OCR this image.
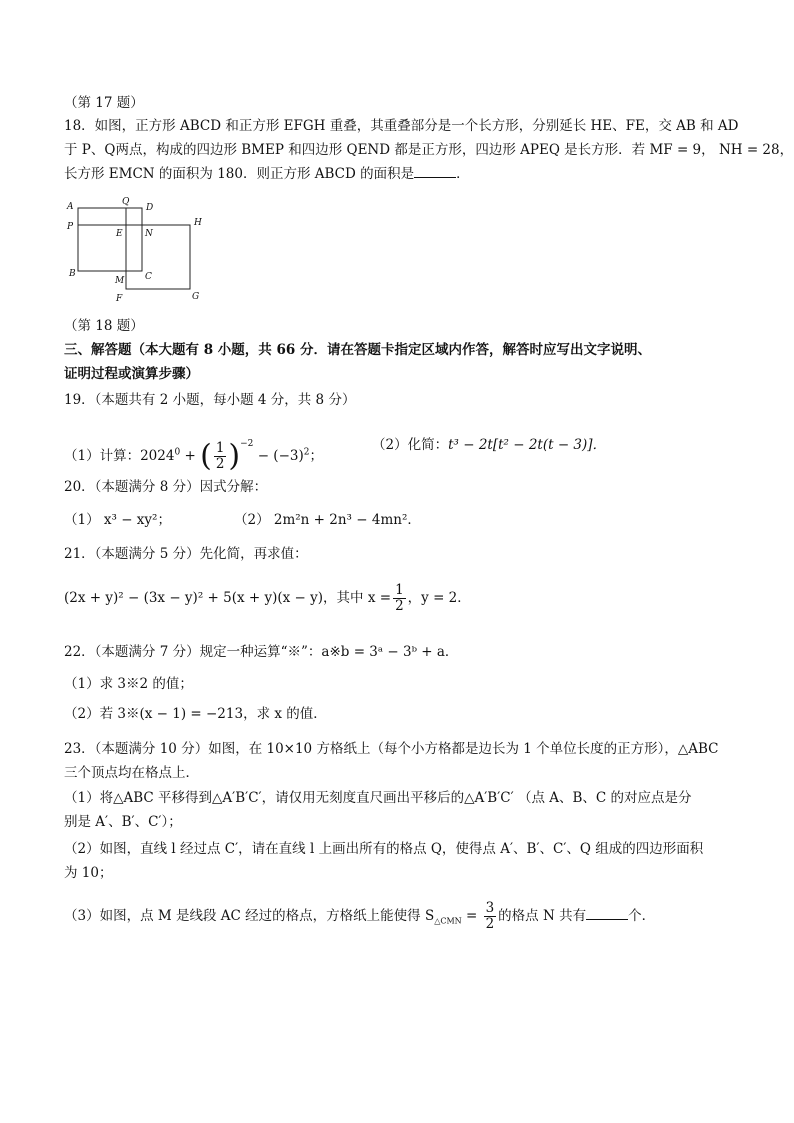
（第 17 题）
18．如图，正方形 ABCD 和正方形 EFGH 重叠，其重叠部分是一个长方形，分别延长 HE、FE，交 AB 和 AD
于 P、Q两点，构成的四边形 BMEP 和四边形 QEND 都是正方形，四边形 APEQ 是长方形．若 MF = 9， NH = 28，
长方形 EMCN 的面积为 180．则正方形 ABCD 的面积是	．
A	Q
D
H
P
E N
B
M C
F	G
（第 18 题）
三、解答题（本大题有 8 小题，共 66 分．请在答题卡指定区域内作答，解答时应写出文字说明、
证明过程或演算步骤）
19．（本题共有 2 小题，每小题 4 分，共 8 分）
（1）计算：$2024^0$ + ( $\frac{1}{2} )^{-2} - (-3)^2$；
（2）化简：t³ − 2t[t² − 2t(t − 3)]．
20．（本题满分 8 分）因式分解：
（1） x³ − xy²；	（2） 2m²n + 2n³ − 4mn²．
21．（本题满分 5 分）先化简，再求值：
(2x + y)² − (3x − y)² + 5(x + y)(x − y)，其中 $x = \frac{1}{2}$ ，y = 2．
22．（本题满分 7 分）规定一种运算“※”：a※b = 3ᵃ − 3ᵇ + a．
（1）求 3※2 的值；
（2）若 3※(x − 1) = −213，求 x 的值．
23．（本题满分 10 分）如图，在 10×10 方格纸上（每个小方格都是边长为 1 个单位长度的正方形），△ABC
三个顶点均在格点上．
（1）将△ABC 平移得到△A′B′C′，请仅用无刻度直尺画出平移后的△A′B′C′ （点 A、B、C 的对应点是分
别是 A′、B′、C′）；
（2）如图，直线 l 经过点 C′，请在直线 l 上画出所有的格点 Q，使得点 A′、B′、C′、Q 组成的四边形面积
为 10；
（3）如图，点 M 是线段 AC 经过的格点，方格纸上能使得 $S_{\triangle CMN} = \frac{3}{2}$ 的格点 N 共有	个．
